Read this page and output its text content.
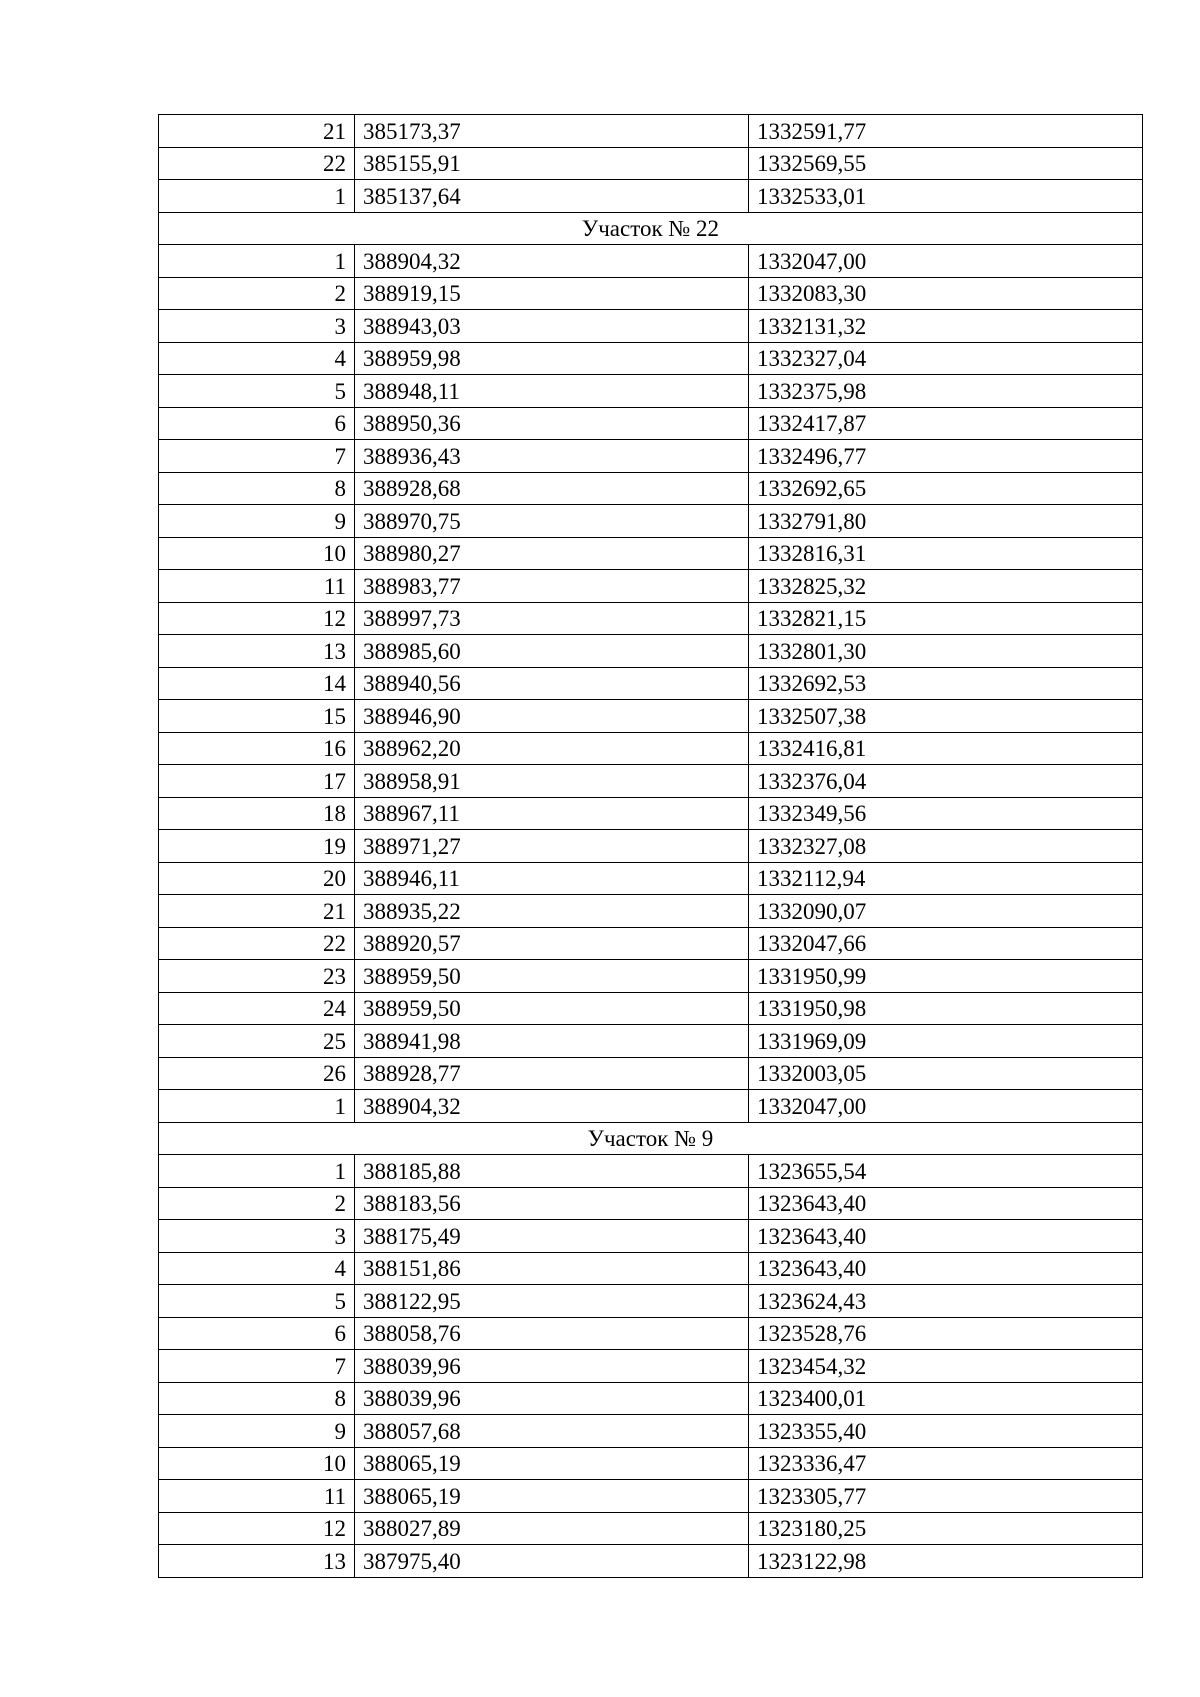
21	385173,37	1332591,77
22	385155,91	1332569,55
1	385137,64	1332533,01
Участок № 22		
1	388904,32	1332047,00
2	388919,15	1332083,30
3	388943,03	1332131,32
4	388959,98	1332327,04
5	388948,11	1332375,98
6	388950,36	1332417,87
7	388936,43	1332496,77
8	388928,68	1332692,65
9	388970,75	1332791,80
10	388980,27	1332816,31
11	388983,77	1332825,32
12	388997,73	1332821,15
13	388985,60	1332801,30
14	388940,56	1332692,53
15	388946,90	1332507,38
16	388962,20	1332416,81
17	388958,91	1332376,04
18	388967,11	1332349,56
19	388971,27	1332327,08
20	388946,11	1332112,94
21	388935,22	1332090,07
22	388920,57	1332047,66
23	388959,50	1331950,99
24	388959,50	1331950,98
25	388941,98	1331969,09
26	388928,77	1332003,05
1	388904,32	1332047,00
Участок № 9		
1	388185,88	1323655,54
2	388183,56	1323643,40
3	388175,49	1323643,40
4	388151,86	1323643,40
5	388122,95	1323624,43
6	388058,76	1323528,76
7	388039,96	1323454,32
8	388039,96	1323400,01
9	388057,68	1323355,40
10	388065,19	1323336,47
11	388065,19	1323305,77
12	388027,89	1323180,25
13	387975,40	1323122,98
